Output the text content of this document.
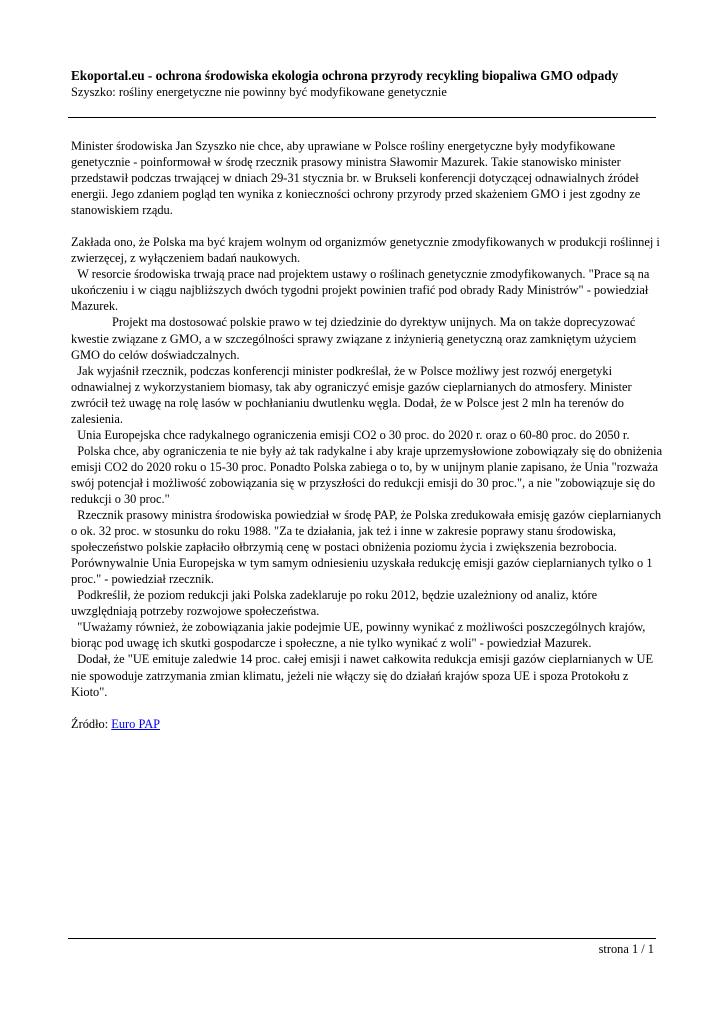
Ekoportal.eu - ochrona środowiska ekologia ochrona przyrody recykling biopaliwa GMO odpady
Szyszko: rośliny energetyczne nie powinny być modyfikowane genetycznie

Minister środowiska Jan Szyszko nie chce, aby uprawiane w Polsce rośliny energetyczne były modyfikowane genetycznie - poinformował w środę rzecznik prasowy ministra Sławomir Mazurek. Takie stanowisko minister przedstawił podczas trwającej w dniach 29-31 stycznia br. w Brukseli konferencji dotyczącej odnawialnych źródeł energii. Jego zdaniem pogląd ten wynika z konieczności ochrony przyrody przed skażeniem GMO i jest zgodny ze stanowiskiem rządu.

Zakłada ono, że Polska ma być krajem wolnym od organizmów genetycznie zmodyfikowanych w produkcji roślinnej i zwierzęcej, z wyłączeniem badań naukowych.

W resorcie środowiska trwają prace nad projektem ustawy o roślinach genetycznie zmodyfikowanych. "Prace są na ukończeniu i w ciągu najbliższych dwóch tygodni projekt powinien trafić pod obrady Rady Ministrów" - powiedział Mazurek.

Projekt ma dostosować polskie prawo w tej dziedzinie do dyrektyw unijnych. Ma on także doprecyzować kwestie związane z GMO, a w szczególności sprawy związane z inżynierią genetyczną oraz zamkniętym użyciem GMO do celów doświadczalnych.

Jak wyjaśnił rzecznik, podczas konferencji minister podkreślał, że w Polsce możliwy jest rozwój energetyki odnawialnej z wykorzystaniem biomasy, tak aby ograniczyć emisje gazów cieplarnianych do atmosfery. Minister zwrócił też uwagę na rolę lasów w pochłanianiu dwutlenku węgla. Dodał, że w Polsce jest 2 mln ha terenów do zalesienia.

Unia Europejska chce radykalnego ograniczenia emisji CO2 o 30 proc. do 2020 r. oraz o 60-80 proc. do 2050 r.

Polska chce, aby ograniczenia te nie były aż tak radykalne i aby kraje uprzemysłowione zobowiązały się do obniżenia emisji CO2 do 2020 roku o 15-30 proc. Ponadto Polska zabiega o to, by w unijnym planie zapisano, że Unia "rozważa swój potencjał i możliwość zobowiązania się w przyszłości do redukcji emisji do 30 proc.", a nie "zobowiązuje się do redukcji o 30 proc."

Rzecznik prasowy ministra środowiska powiedział w środę PAP, że Polska zredukowała emisję gazów cieplarnianych o ok. 32 proc. w stosunku do roku 1988. "Za te działania, jak też i inne w zakresie poprawy stanu środowiska, społeczeństwo polskie zapłaciło ołbrzymią cenę w postaci obniżenia poziomu życia i zwiększenia bezrobocia. Porównywalnie Unia Europejska w tym samym odniesieniu uzyskała redukcję emisji gazów cieplarnianych tylko o 1 proc." - powiedział rzecznik.

Podkreślił, że poziom redukcji jaki Polska zadeklaruje po roku 2012, będzie uzależniony od analiz, które uwzględniają potrzeby rozwojowe społeczeństwa.

"Uważamy również, że zobowiązania jakie podejmie UE, powinny wynikać z możliwości poszczególnych krajów, biorąc pod uwagę ich skutki gospodarcze i społeczne, a nie tylko wynikać z woli" - powiedział Mazurek.

Dodał, że "UE emituje zaledwie 14 proc. całej emisji i nawet całkowita redukcja emisji gazów cieplarnianych w UE nie spowoduje zatrzymania zmian klimatu, jeżeli nie włączy się do działań krajów spoza UE i spoza Protokołu z Kioto".

Źródło: Euro PAP

strona 1 / 1
